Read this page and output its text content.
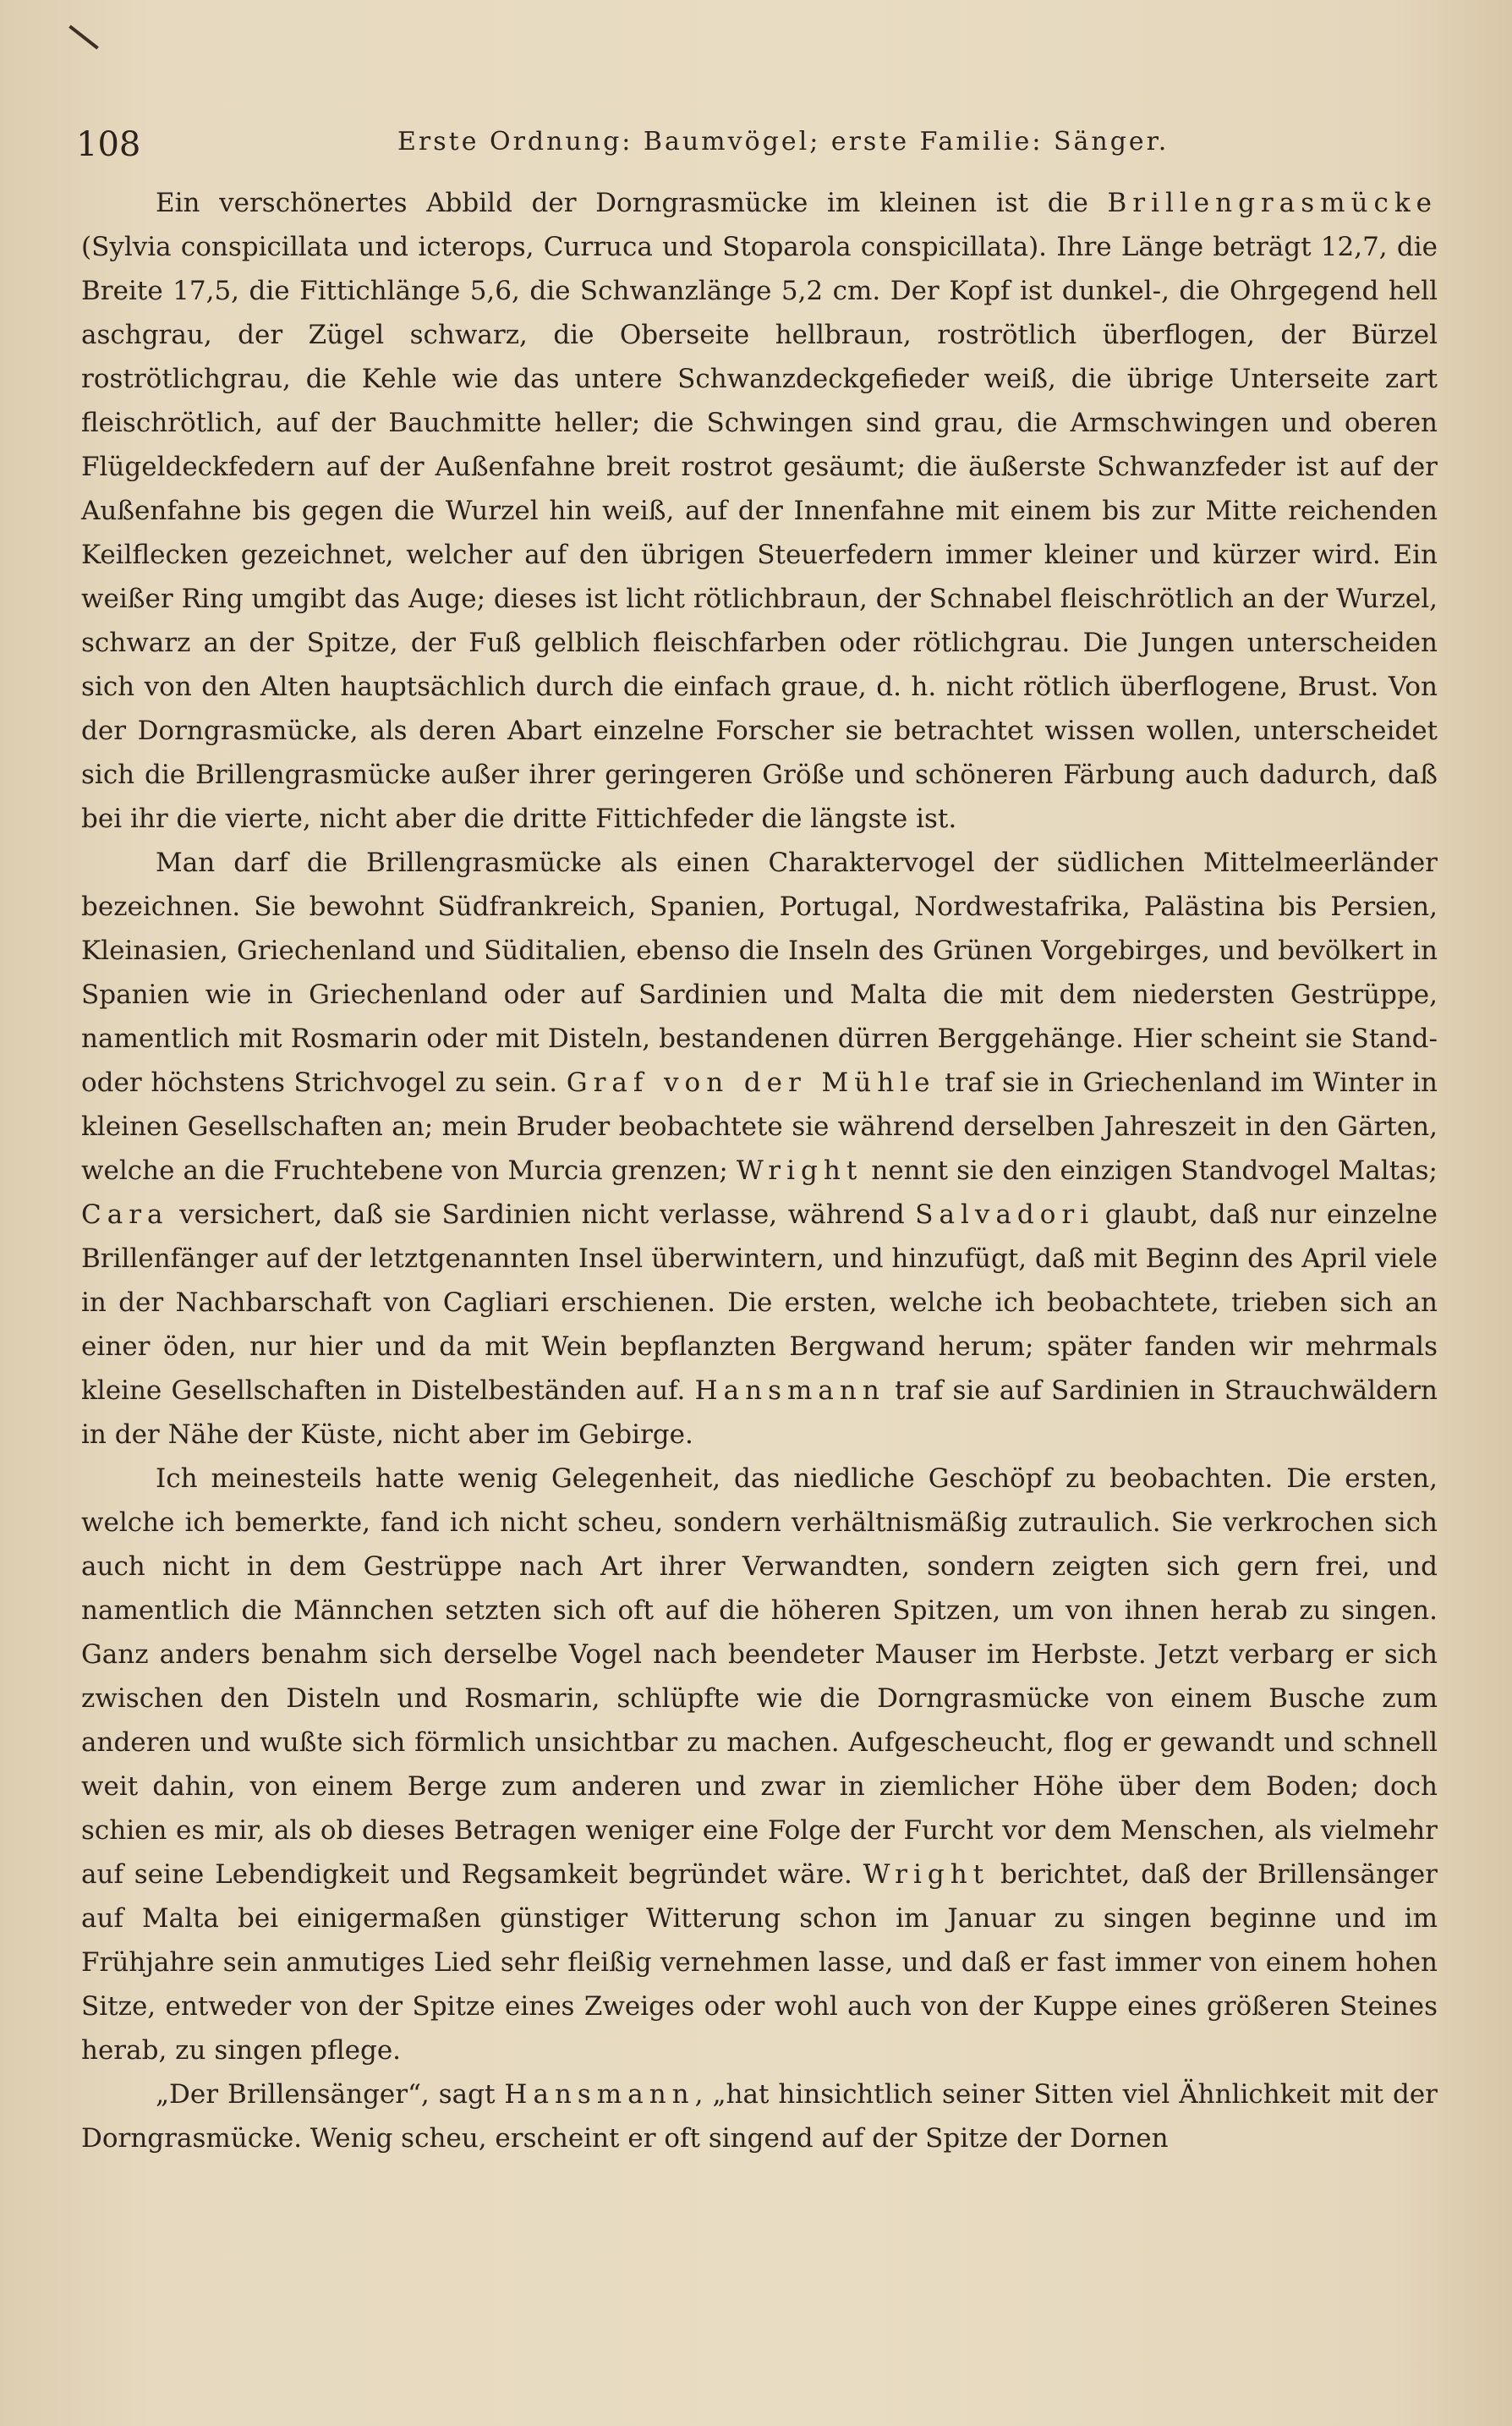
108	Erste Ordnung: Baumvögel; erste Familie: Sänger.

Ein verschönertes Abbild der Dorngrasmücke im kleinen ist die Brillengrasmücke (Sylvia conspicillata und icterops, Curruca und Stoparola conspicillata). Ihre Länge beträgt 12,7, die Breite 17,5, die Fittichlänge 5,6, die Schwanzlänge 5,2 cm. Der Kopf ist dunkel-, die Ohrgegend hell aschgrau, der Zügel schwarz, die Oberseite hellbraun, roströtlich überflogen, der Bürzel roströtlichgrau, die Kehle wie das untere Schwanzdeckgefieder weiß, die übrige Unterseite zart fleischrötlich, auf der Bauchmitte heller; die Schwingen sind grau, die Armschwingen und oberen Flügeldeckfedern auf der Außenfahne breit rostrot gesäumt; die äußerste Schwanzfeder ist auf der Außenfahne bis gegen die Wurzel hin weiß, auf der Innenfahne mit einem bis zur Mitte reichenden Keilflecken gezeichnet, welcher auf den übrigen Steuerfedern immer kleiner und kürzer wird. Ein weißer Ring umgibt das Auge; dieses ist licht rötlichbraun, der Schnabel fleischrötlich an der Wurzel, schwarz an der Spitze, der Fuß gelblich fleischfarben oder rötlichgrau. Die Jungen unterscheiden sich von den Alten hauptsächlich durch die einfach graue, d. h. nicht rötlich überflogene, Brust. Von der Dorngrasmücke, als deren Abart einzelne Forscher sie betrachtet wissen wollen, unterscheidet sich die Brillengrasmücke außer ihrer geringeren Größe und schöneren Färbung auch dadurch, daß bei ihr die vierte, nicht aber die dritte Fittichfeder die längste ist.

Man darf die Brillengrasmücke als einen Charaktervogel der südlichen Mittelmeerländer bezeichnen. Sie bewohnt Südfrankreich, Spanien, Portugal, Nordwestafrika, Palästina bis Persien, Kleinasien, Griechenland und Süditalien, ebenso die Inseln des Grünen Vorgebirges, und bevölkert in Spanien wie in Griechenland oder auf Sardinien und Malta die mit dem niedersten Gestrüppe, namentlich mit Rosmarin oder mit Disteln, bestandenen dürren Berggehänge. Hier scheint sie Stand- oder höchstens Strichvogel zu sein. Graf von der Mühle traf sie in Griechenland im Winter in kleinen Gesellschaften an; mein Bruder beobachtete sie während derselben Jahreszeit in den Gärten, welche an die Fruchtebene von Murcia grenzen; Wright nennt sie den einzigen Standvogel Maltas; Cara versichert, daß sie Sardinien nicht verlasse, während Salvadori glaubt, daß nur einzelne Brillenfänger auf der letztgenannten Insel überwintern, und hinzufügt, daß mit Beginn des April viele in der Nachbarschaft von Cagliari erschienen. Die ersten, welche ich beobachtete, trieben sich an einer öden, nur hier und da mit Wein bepflanzten Bergwand herum; später fanden wir mehrmals kleine Gesellschaften in Distelbeständen auf. Hansmann traf sie auf Sardinien in Strauchwäldern in der Nähe der Küste, nicht aber im Gebirge.

Ich meinesteils hatte wenig Gelegenheit, das niedliche Geschöpf zu beobachten. Die ersten, welche ich bemerkte, fand ich nicht scheu, sondern verhältnismäßig zutraulich. Sie verkrochen sich auch nicht in dem Gestrüppe nach Art ihrer Verwandten, sondern zeigten sich gern frei, und namentlich die Männchen setzten sich oft auf die höheren Spitzen, um von ihnen herab zu singen. Ganz anders benahm sich derselbe Vogel nach beendeter Mauser im Herbste. Jetzt verbarg er sich zwischen den Disteln und Rosmarin, schlüpfte wie die Dorngrasmücke von einem Busche zum anderen und wußte sich förmlich unsichtbar zu machen. Aufgescheucht, flog er gewandt und schnell weit dahin, von einem Berge zum anderen und zwar in ziemlicher Höhe über dem Boden; doch schien es mir, als ob dieses Betragen weniger eine Folge der Furcht vor dem Menschen, als vielmehr auf seine Lebendigkeit und Regsamkeit begründet wäre. Wright berichtet, daß der Brillensänger auf Malta bei einigermaßen günstiger Witterung schon im Januar zu singen beginne und im Frühjahre sein anmutiges Lied sehr fleißig vernehmen lasse, und daß er fast immer von einem hohen Sitze, entweder von der Spitze eines Zweiges oder wohl auch von der Kuppe eines größeren Steines herab, zu singen pflege.

„Der Brillensänger“, sagt Hansmann, „hat hinsichtlich seiner Sitten viel Ähnlichkeit mit der Dorngrasmücke. Wenig scheu, erscheint er oft singend auf der Spitze der Dornen
